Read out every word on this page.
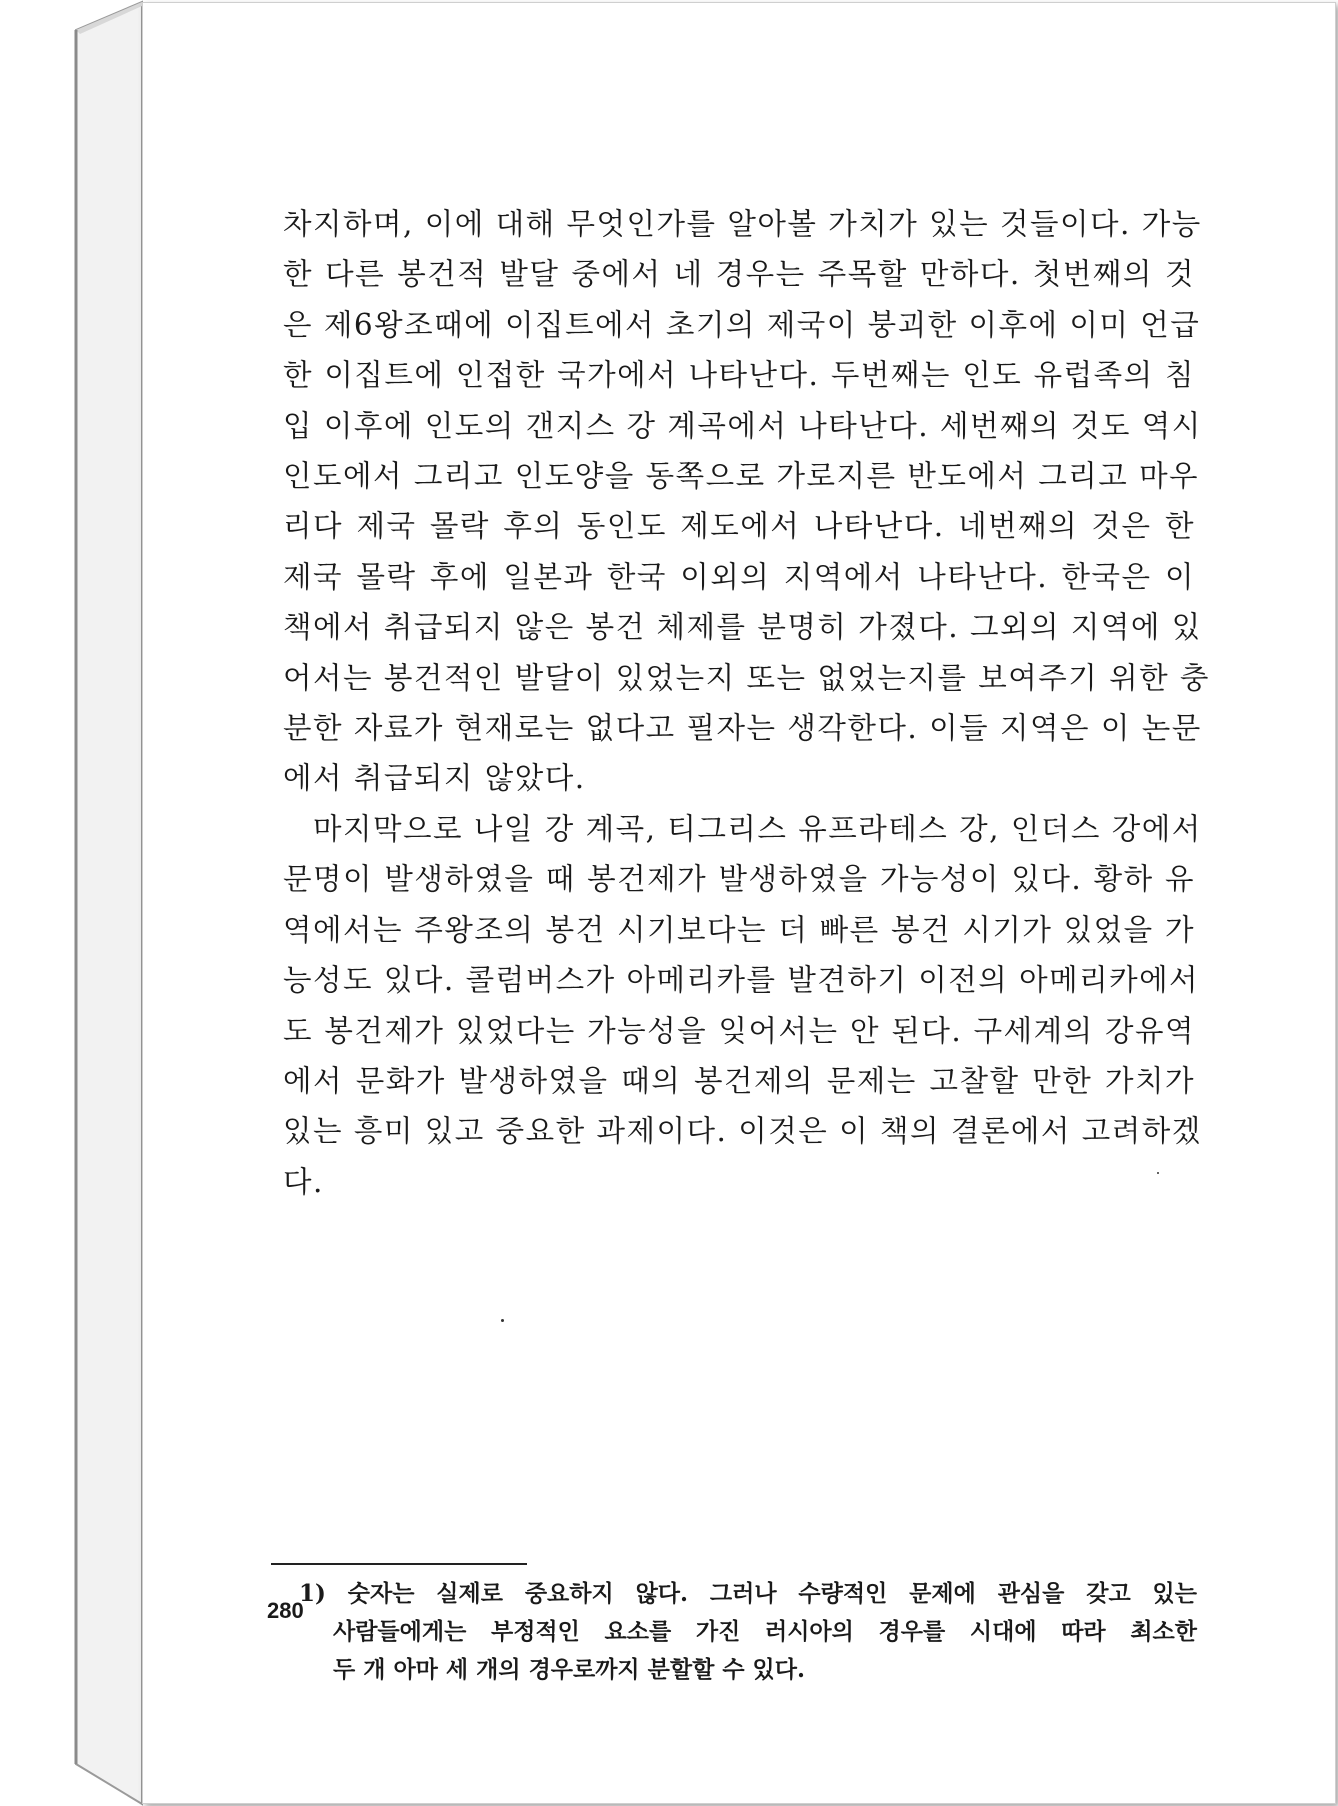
차지하며, 이에 대해 무엇인가를 알아볼 가치가 있는 것들이다. 가능
한 다른 봉건적 발달 중에서 네 경우는 주목할 만하다. 첫번째의 것
은 제6왕조때에 이집트에서 초기의 제국이 붕괴한 이후에 이미 언급
한 이집트에 인접한 국가에서 나타난다. 두번째는 인도 유럽족의 침
입 이후에 인도의 갠지스 강 계곡에서 나타난다. 세번째의 것도 역시
인도에서 그리고 인도양을 동쪽으로 가로지른 반도에서 그리고 마우
리다 제국 몰락 후의 동인도 제도에서 나타난다. 네번째의 것은 한
제국 몰락 후에 일본과 한국 이외의 지역에서 나타난다. 한국은 이
책에서 취급되지 않은 봉건 체제를 분명히 가졌다. 그외의 지역에 있
어서는 봉건적인 발달이 있었는지 또는 없었는지를 보여주기 위한 충
분한 자료가 현재로는 없다고 필자는 생각한다. 이들 지역은 이 논문
에서 취급되지 않았다.
마지막으로 나일 강 계곡, 티그리스 유프라테스 강, 인더스 강에서
문명이 발생하였을 때 봉건제가 발생하였을 가능성이 있다. 황하 유
역에서는 주왕조의 봉건 시기보다는 더 빠른 봉건 시기가 있었을 가
능성도 있다. 콜럼버스가 아메리카를 발견하기 이전의 아메리카에서
도 봉건제가 있었다는 가능성을 잊어서는 안 된다. 구세계의 강유역
에서 문화가 발생하였을 때의 봉건제의 문제는 고찰할 만한 가치가
있는 흥미 있고 중요한 과제이다. 이것은 이 책의 결론에서 고려하겠
다.
1) 숫자는 실제로 중요하지 않다. 그러나 수량적인 문제에 관심을 갖고 있는
사람들에게는 부정적인 요소를 가진 러시아의 경우를 시대에 따라 최소한
두 개 아마 세 개의 경우로까지 분할할 수 있다.
280
